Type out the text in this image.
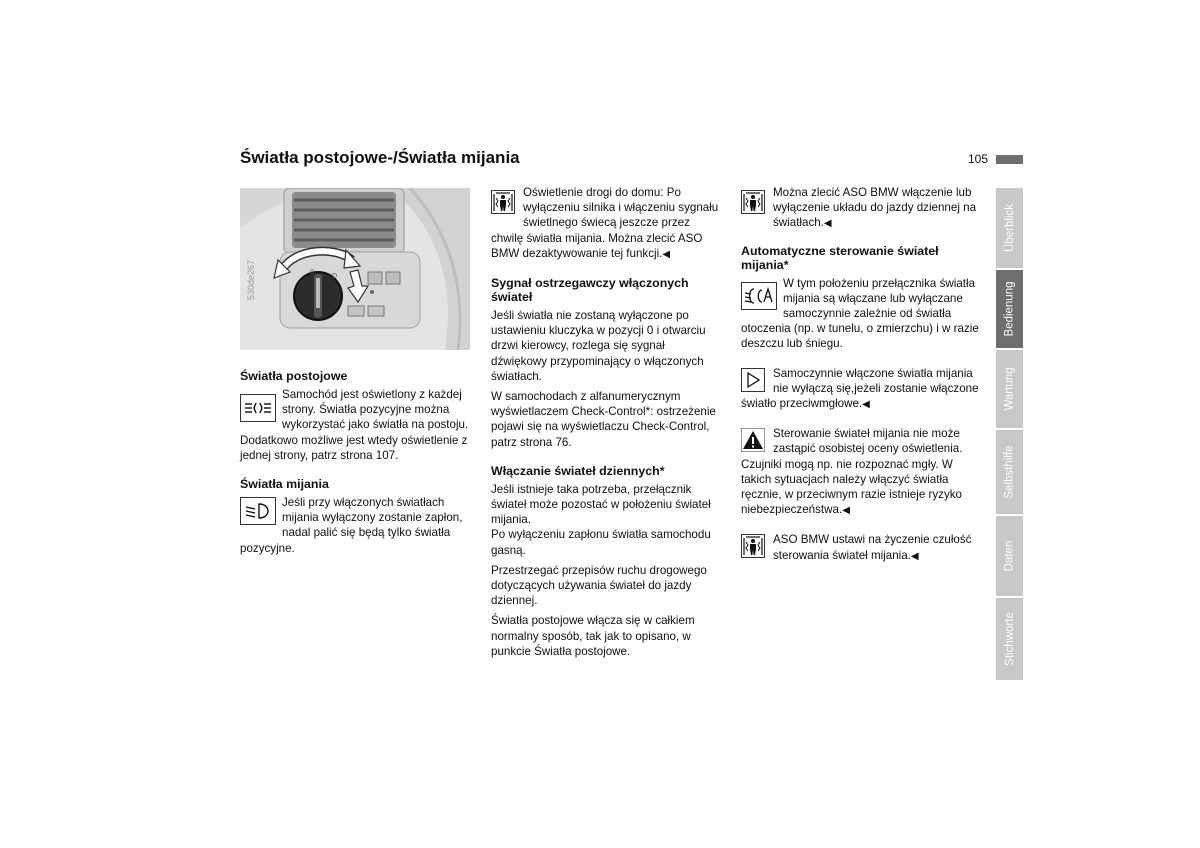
Światła postojowe-/Światła mijania	105
0
D
530de267
Światła postojowe

Samochód jest oświetlony z każdej strony. Światła pozycyjne można wykorzystać jako światła na postoju. Dodatkowo możliwe jest wtedy oświetlenie z jednej strony, patrz strona 107.

Światła mijania

Jeśli przy włączonych światłach mijania wyłączony zostanie zapłon, nadal palić się będą tylko światła pozycyjne.

Oświetlenie drogi do domu: Po wyłączeniu silnika i włączeniu sygnału świetlnego świecą jeszcze przez chwilę światła mijania. Można zlecić ASO BMW dezaktywowanie tej funkcji.◀
Sygnał ostrzegawczy włączonych świateł

Jeśli światła nie zostaną wyłączone po ustawieniu kluczyka w pozycji 0 i otwarciu drzwi kierowcy, rozlega się sygnał dźwiękowy przypominający o włączonych światłach.

W samochodach z alfanumerycznym wyświetlaczem Check-Control*: ostrzeżenie pojawi się na wyświetlaczu Check-Control, patrz strona 76.

Włączanie świateł dziennych*

Jeśli istnieje taka potrzeba, przełącznik świateł może pozostać w położeniu świateł mijania.

Po wyłączeniu zapłonu światła samochodu gasną.

Przestrzegać przepisów ruchu drogowego dotyczących używania świateł do jazdy dziennej.

Światła postojowe włącza się w całkiem normalny sposób, tak jak to opisano, w punkcie Światła postojowe.

Można zlecić ASO BMW włączenie lub wyłączenie układu do jazdy dziennej na światłach.◀
Automatyczne sterowanie świateł mijania*
W tym położeniu przełącznika światła mijania są włączane lub wyłączane samoczynnie zależnie od światła otoczenia (np. w tunelu, o zmierzchu) i w razie deszczu lub śniegu.
Samoczynnie włączone światła mijania nie wyłączą się,jeżeli zostanie włączone światło przeciwmgłowe.◀
Sterowanie świateł mijania nie może zastąpić osobistej oceny oświetlenia. Czujniki mogą np. nie rozpoznać mgły. W takich sytuacjach należy włączyć światła ręcznie, w przeciwnym razie istnieje ryzyko niebezpieczeństwa.◀
ASO BMW ustawi na życzenie czułość sterowania świateł mijania.◀
Überblick
Bedienung
Wartung
Selbsthilfe
Daten
Stichworte
